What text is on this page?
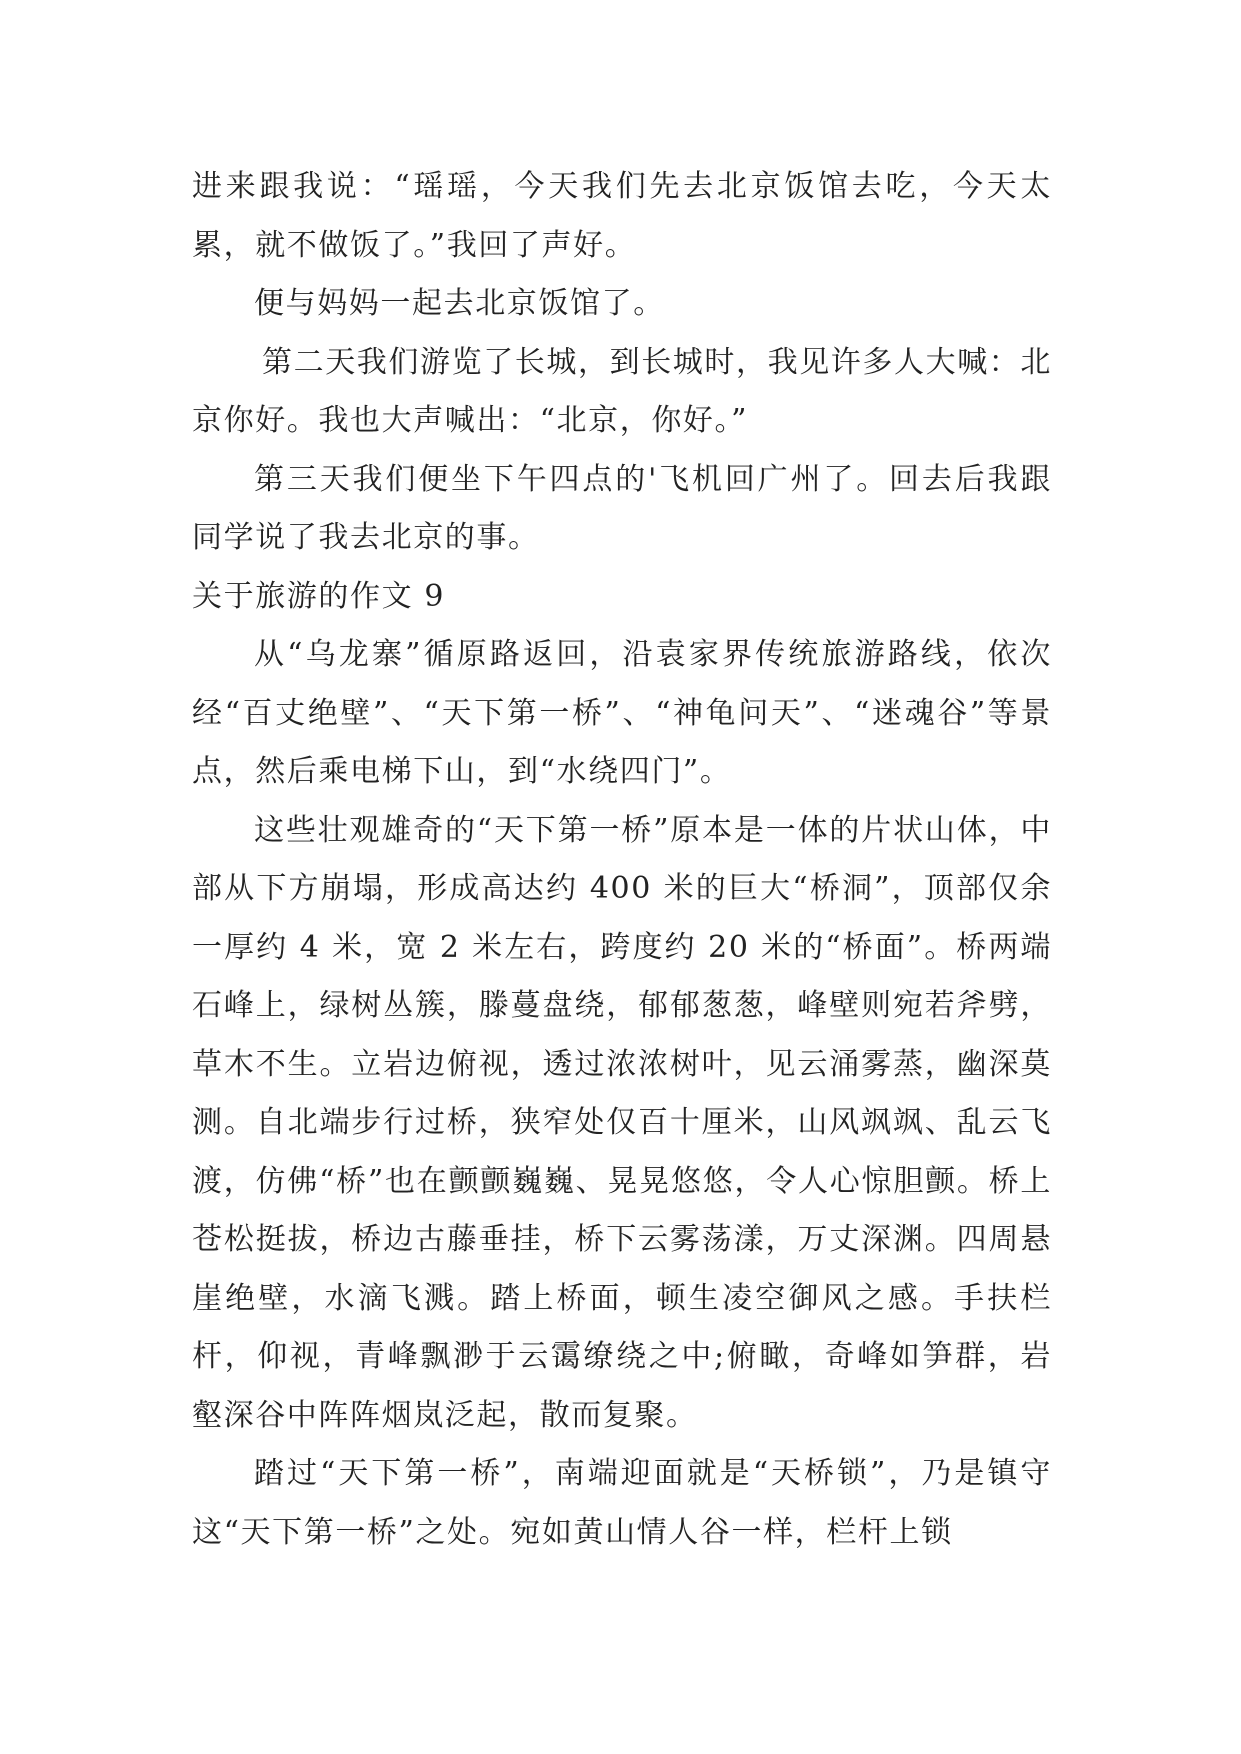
进来跟我说：“瑶瑶，今天我们先去北京饭馆去吃，今天太累，就不做饭了。”我回了声好。

便与妈妈一起去北京饭馆了。

第二天我们游览了长城，到长城时，我见许多人大喊：北京你好。我也大声喊出：“北京，你好。”

第三天我们便坐下午四点的'飞机回广州了。回去后我跟同学说了我去北京的事。

关于旅游的作文 9

从“乌龙寨”循原路返回，沿袁家界传统旅游路线，依次经“百丈绝壁”、“天下第一桥”、“神龟问天”、“迷魂谷”等景点，然后乘电梯下山，到“水绕四门”。

这些壮观雄奇的“天下第一桥”原本是一体的片状山体，中部从下方崩塌，形成高达约 400 米的巨大“桥洞”，顶部仅余一厚约 4 米，宽 2 米左右，跨度约 20 米的“桥面”。桥两端石峰上，绿树丛簇，滕蔓盘绕，郁郁葱葱，峰壁则宛若斧劈，草木不生。立岩边俯视，透过浓浓树叶，见云涌雾蒸，幽深莫测。自北端步行过桥，狭窄处仅百十厘米，山风飒飒、乱云飞渡，仿佛“桥”也在颤颤巍巍、晃晃悠悠，令人心惊胆颤。桥上苍松挺拔，桥边古藤垂挂，桥下云雾荡漾，万丈深渊。四周悬崖绝壁，水滴飞溅。踏上桥面，顿生凌空御风之感。手扶栏杆，仰视，青峰飘渺于云霭缭绕之中;俯瞰，奇峰如笋群，岩壑深谷中阵阵烟岚泛起，散而复聚。

踏过“天下第一桥”，南端迎面就是“天桥锁”，乃是镇守这“天下第一桥”之处。宛如黄山情人谷一样，栏杆上锁
